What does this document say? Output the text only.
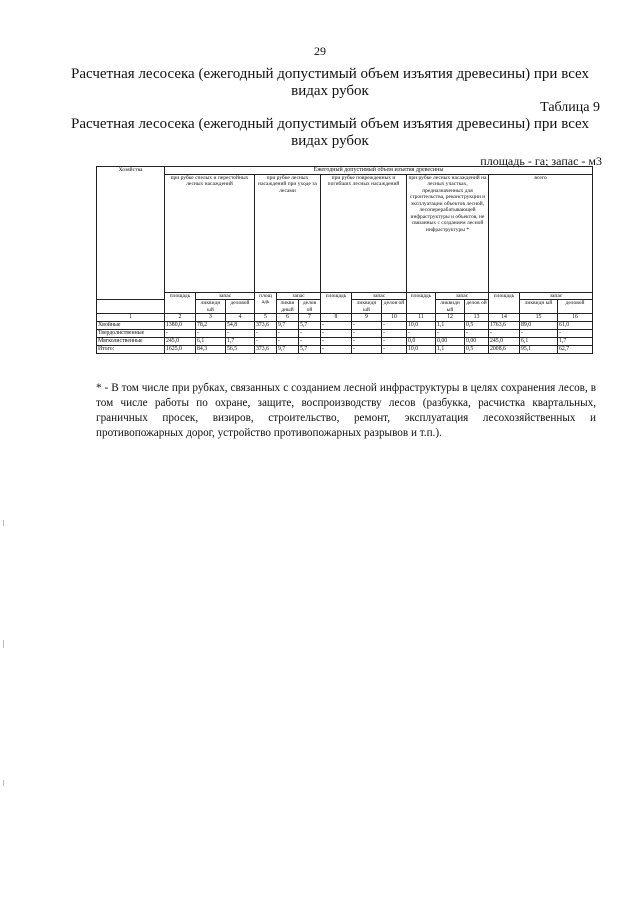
29
Расчетная лесосека (ежегодный допустимый объем изъятия древесины) при всех видах рубок
Таблица 9
Расчетная лесосека (ежегодный допустимый объем изъятия древесины) при всех видах рубок
площадь - га; запас - м3
Хозяйства	Ежегодный допустимый объем изъятия древесины														
	при рубке спелых и перестойных лесных насаждений			при рубке лесных насаждений при уходе за лесами			при рубке поврежденных и погибших лесных насаждений			при рубке лесных насаждений на лесных участках, предназначенных для строительства, реконструкции и эксплуатации объектов лесной, лесоперерабатывающей инфраструктуры и объектов, не связанных с созданием лесной инфраструктуры *			всего		
	площадь	запас		площ адь	запас		площадь	запас		площадь	запас		площадь	запас	
		ликвидн ый	деловой		ликви дный	делов ой		ликвидн ый	делов ой		ликвидн ый	делов ой		ликвидн ый	деловой
1	2	3	4	5	6	7	8	9	10	11	12	13	14	15	16
Хвойные	1380,0	78,2	54,8	373,6	9,7	5,7	-	-	-	10,0	1,1	0,5	1763,6	89,0	61,0
Твердолиственные	-	-	-	-	-	-	-	-	-	-	-	-	-	-	-
Мягколиственные	245,0	6,1	1,7	-	-	-	-	-	-	0,0	0,00	0,00	245,0	6,1	1,7
Итого:	1625,0	84,3	56,5	373,6	9,7	5,7	-	-	-	10,0	1,1	0,5	2008,6	95,1	62,7
* - В том числе при рубках, связанных с созданием лесной инфраструктуры в целях сохранения лесов, в том числе работы по охране, защите, воспроизводству лесов (разбукка, расчистка квартальных, граничных просек, визиров, строительство, ремонт, эксплуатация лесохозяйственных и противопожарных дорог, устройство противопожарных разрывов и т.п.).
